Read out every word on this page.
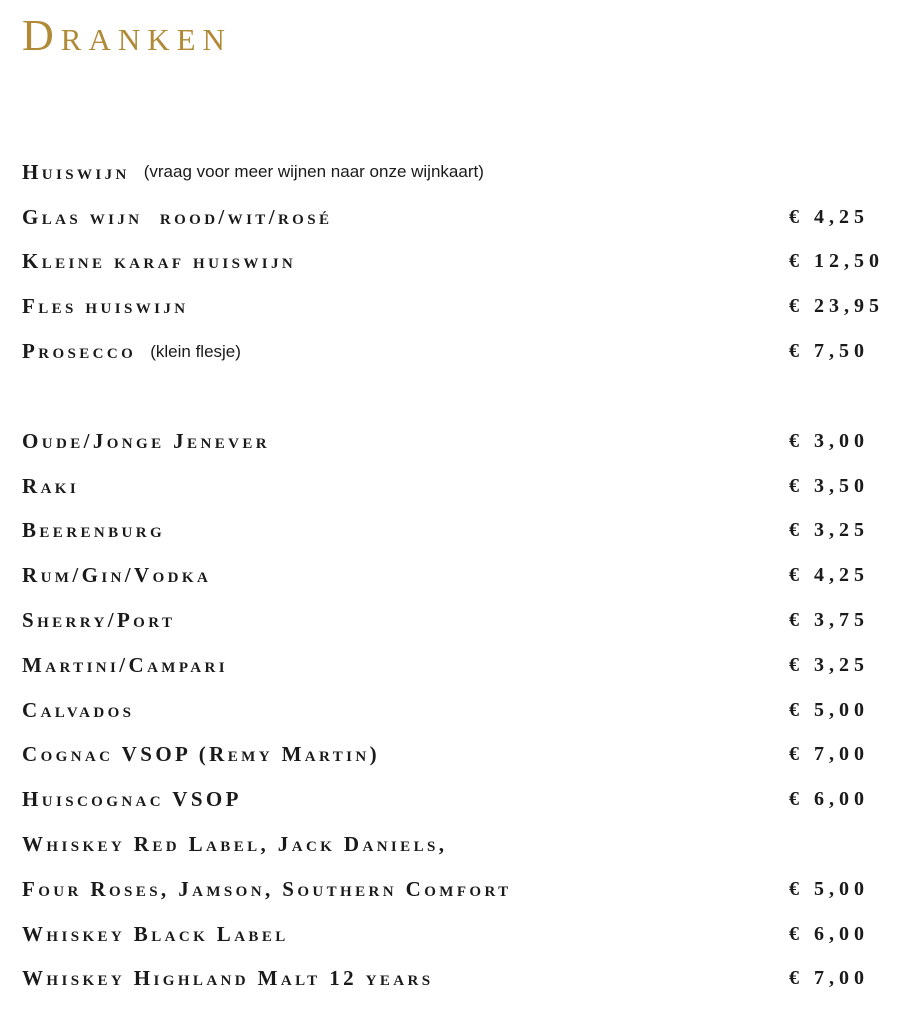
Dranken
Huiswijn (vraag voor meer wijnen naar onze wijnkaart)
Glas wijn  rood/wit/rosé	€ 4,25
Kleine karaf huiswijn	€ 12,50
Fles huiswijn	€ 23,95
Prosecco (klein flesje)	€ 7,50
Oude/Jonge Jenever	€ 3,00
Raki	€ 3,50
Beerenburg	€ 3,25
Rum/Gin/Vodka	€ 4,25
Sherry/Port	€ 3,75
Martini/Campari	€ 3,25
Calvados	€ 5,00
Cognac VSOP (Remy Martin)	€ 7,00
Huiscognac VSOP	€ 6,00
Whiskey Red Label, Jack Daniels,
Four Roses, Jamson, Southern Comfort	€ 5,00
Whiskey Black Label	€ 6,00
Whiskey Highland Malt 12 years	€ 7,00
